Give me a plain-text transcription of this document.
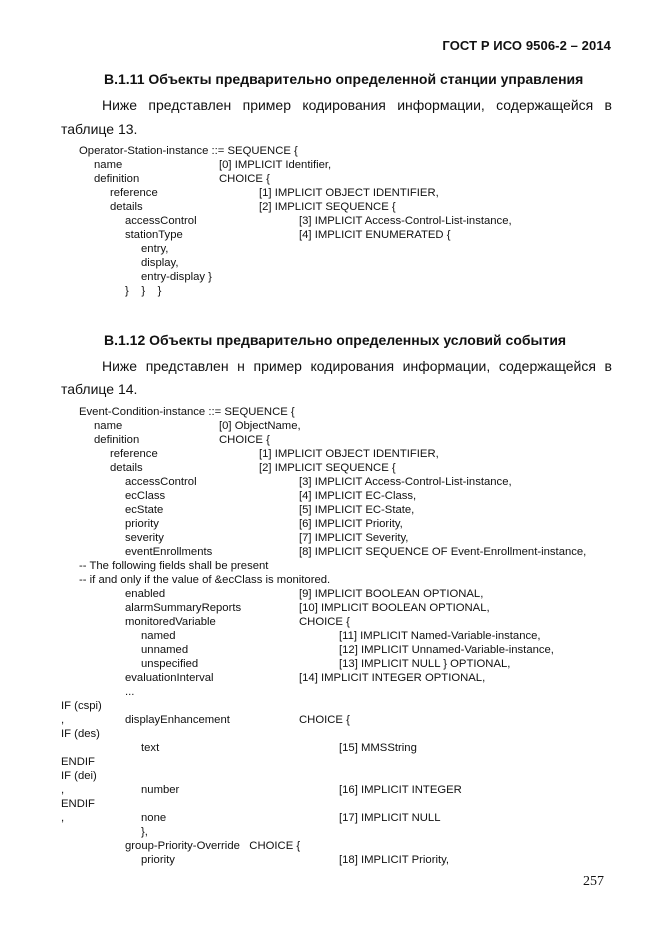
ГОСТ Р ИСО 9506-2 – 2014
B.1.11 Объекты предварительно определенной станции управления
Ниже представлен пример кодирования информации, содержащейся в
таблице 13.
Operator-Station-instance ::= SEQUENCE {
name	[0] IMPLICIT Identifier,
definition	CHOICE {
reference	[1] IMPLICIT OBJECT IDENTIFIER,
details	[2] IMPLICIT SEQUENCE {
accessControl	[3] IMPLICIT Access-Control-List-instance,
stationType	[4] IMPLICIT ENUMERATED {
entry,
display,
entry-display }
}    }    }
B.1.12 Объекты предварительно определенных условий события
Ниже представлен н пример кодирования информации, содержащейся в
таблице 14.
Event-Condition-instance ::= SEQUENCE {
name	[0] ObjectName,
definition	CHOICE {
reference	[1] IMPLICIT OBJECT IDENTIFIER,
details	[2] IMPLICIT SEQUENCE {
accessControl	[3] IMPLICIT Access-Control-List-instance,
ecClass	[4] IMPLICIT EC-Class,
ecState	[5] IMPLICIT EC-State,
priority	[6] IMPLICIT Priority,
severity	[7] IMPLICIT Severity,
eventEnrollments	[8] IMPLICIT SEQUENCE OF Event-Enrollment-instance,
-- The following fields shall be present
-- if and only if the value of &ecClass is monitored.
enabled	[9] IMPLICIT BOOLEAN OPTIONAL,
alarmSummaryReports	[10] IMPLICIT BOOLEAN OPTIONAL,
monitoredVariable	CHOICE {
named	[11] IMPLICIT Named-Variable-instance,
unnamed	[12] IMPLICIT Unnamed-Variable-instance,
unspecified	[13] IMPLICIT NULL } OPTIONAL,
evaluationInterval	[14] IMPLICIT INTEGER OPTIONAL,
...
IF (cspi)
,	displayEnhancement	CHOICE {
IF (des)
text	[15] MMSString
ENDIF
IF (dei)
,	number	[16] IMPLICIT INTEGER
ENDIF
,	none	[17] IMPLICIT NULL
},
group-Priority-Override   CHOICE {
priority	[18] IMPLICIT Priority,
257
